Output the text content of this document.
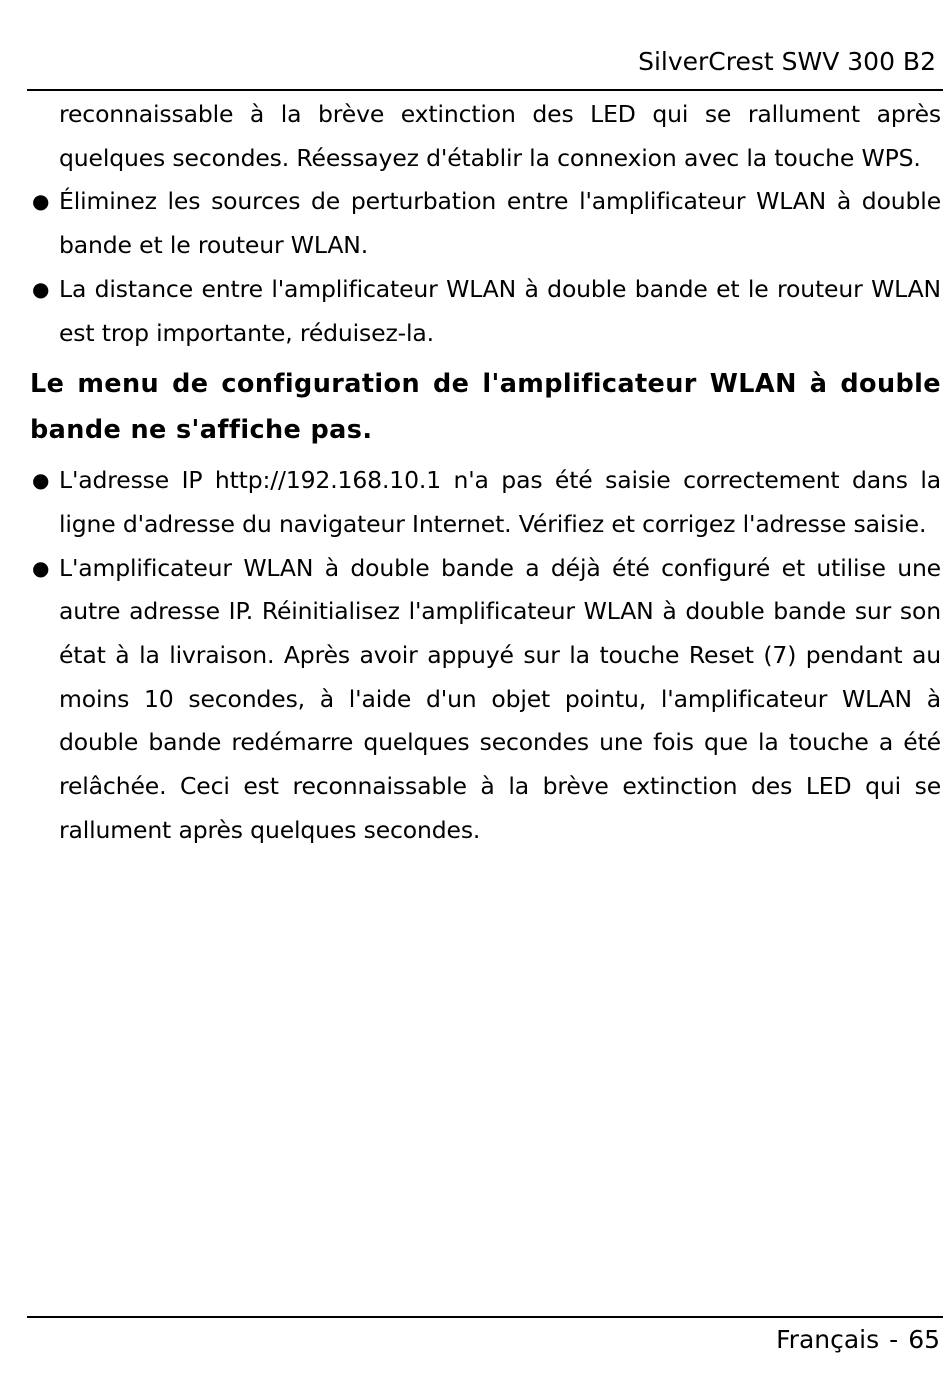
SilverCrest SWV 300 B2

reconnaissable à la brève extinction des LED qui se rallument après quelques secondes. Réessayez d'établir la connexion avec la touche WPS.

● Éliminez les sources de perturbation entre l'amplificateur WLAN à double bande et le routeur WLAN.
● La distance entre l'amplificateur WLAN à double bande et le routeur WLAN est trop importante, réduisez-la.
Le menu de configuration de l'amplificateur WLAN à double bande ne s'affiche pas.
● L'adresse IP http://192.168.10.1 n'a pas été saisie correctement dans la ligne d'adresse du navigateur Internet. Vérifiez et corrigez l'adresse saisie.
● L'amplificateur WLAN à double bande a déjà été configuré et utilise une autre adresse IP. Réinitialisez l'amplificateur WLAN à double bande sur son état à la livraison. Après avoir appuyé sur la touche Reset (7) pendant au moins 10 secondes, à l'aide d'un objet pointu, l'amplificateur WLAN à double bande redémarre quelques secondes une fois que la touche a été relâchée. Ceci est reconnaissable à la brève extinction des LED qui se rallument après quelques secondes.
Français - 65
